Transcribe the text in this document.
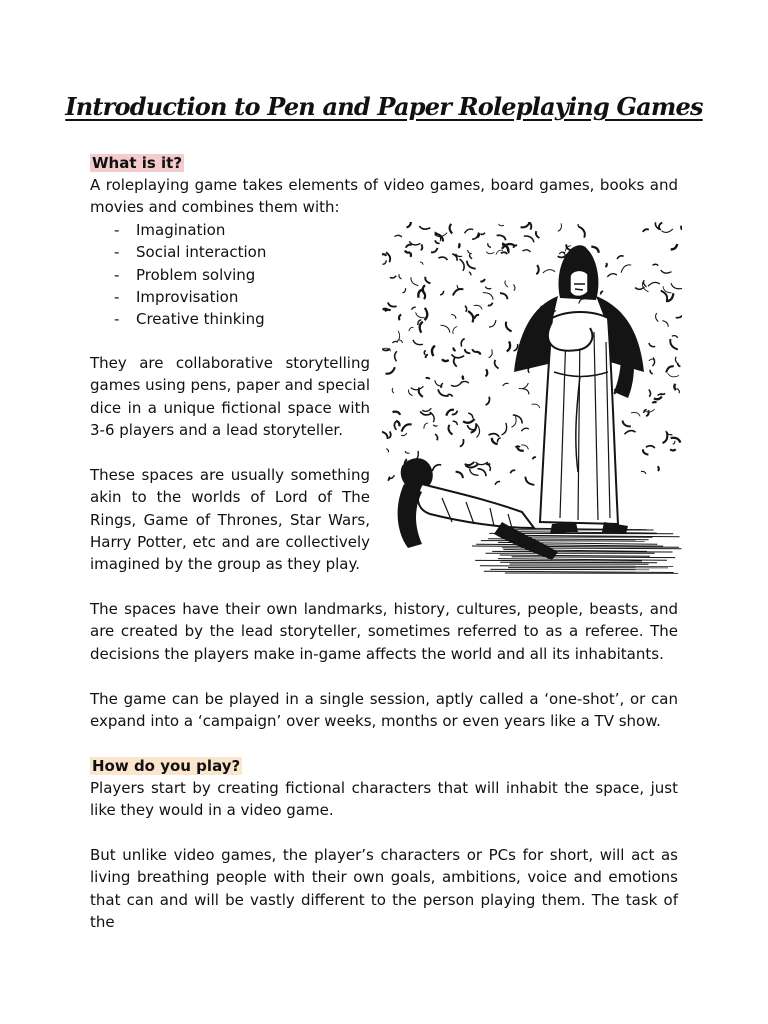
Introduction to Pen and Paper Roleplaying Games
What is it?

A roleplaying game takes elements of video games, board games, books and movies and combines them with:

- Imagination
- Social interaction
- Problem solving
- Improvisation
- Creative thinking

They are collaborative storytelling games using pens, paper and special dice in a unique fictional space with 3-6 players and a lead storyteller.

These spaces are usually something akin to the worlds of Lord of The Rings, Game of Thrones, Star Wars, Harry Potter, etc and are collectively imagined by the group as they play.

The spaces have their own landmarks, history, cultures, people, beasts, and are created by the lead storyteller, sometimes referred to as a referee. The decisions the players make in-game affects the world and all its inhabitants.

The game can be played in a single session, aptly called a ‘one-shot’, or can expand into a ‘campaign’ over weeks, months or even years like a TV show.

How do you play?

Players start by creating fictional characters that will inhabit the space, just like they would in a video game.

But unlike video games, the player’s characters or PCs for short, will act as living breathing people with their own goals, ambitions, voice and emotions that can and will be vastly different to the person playing them. The task of the
